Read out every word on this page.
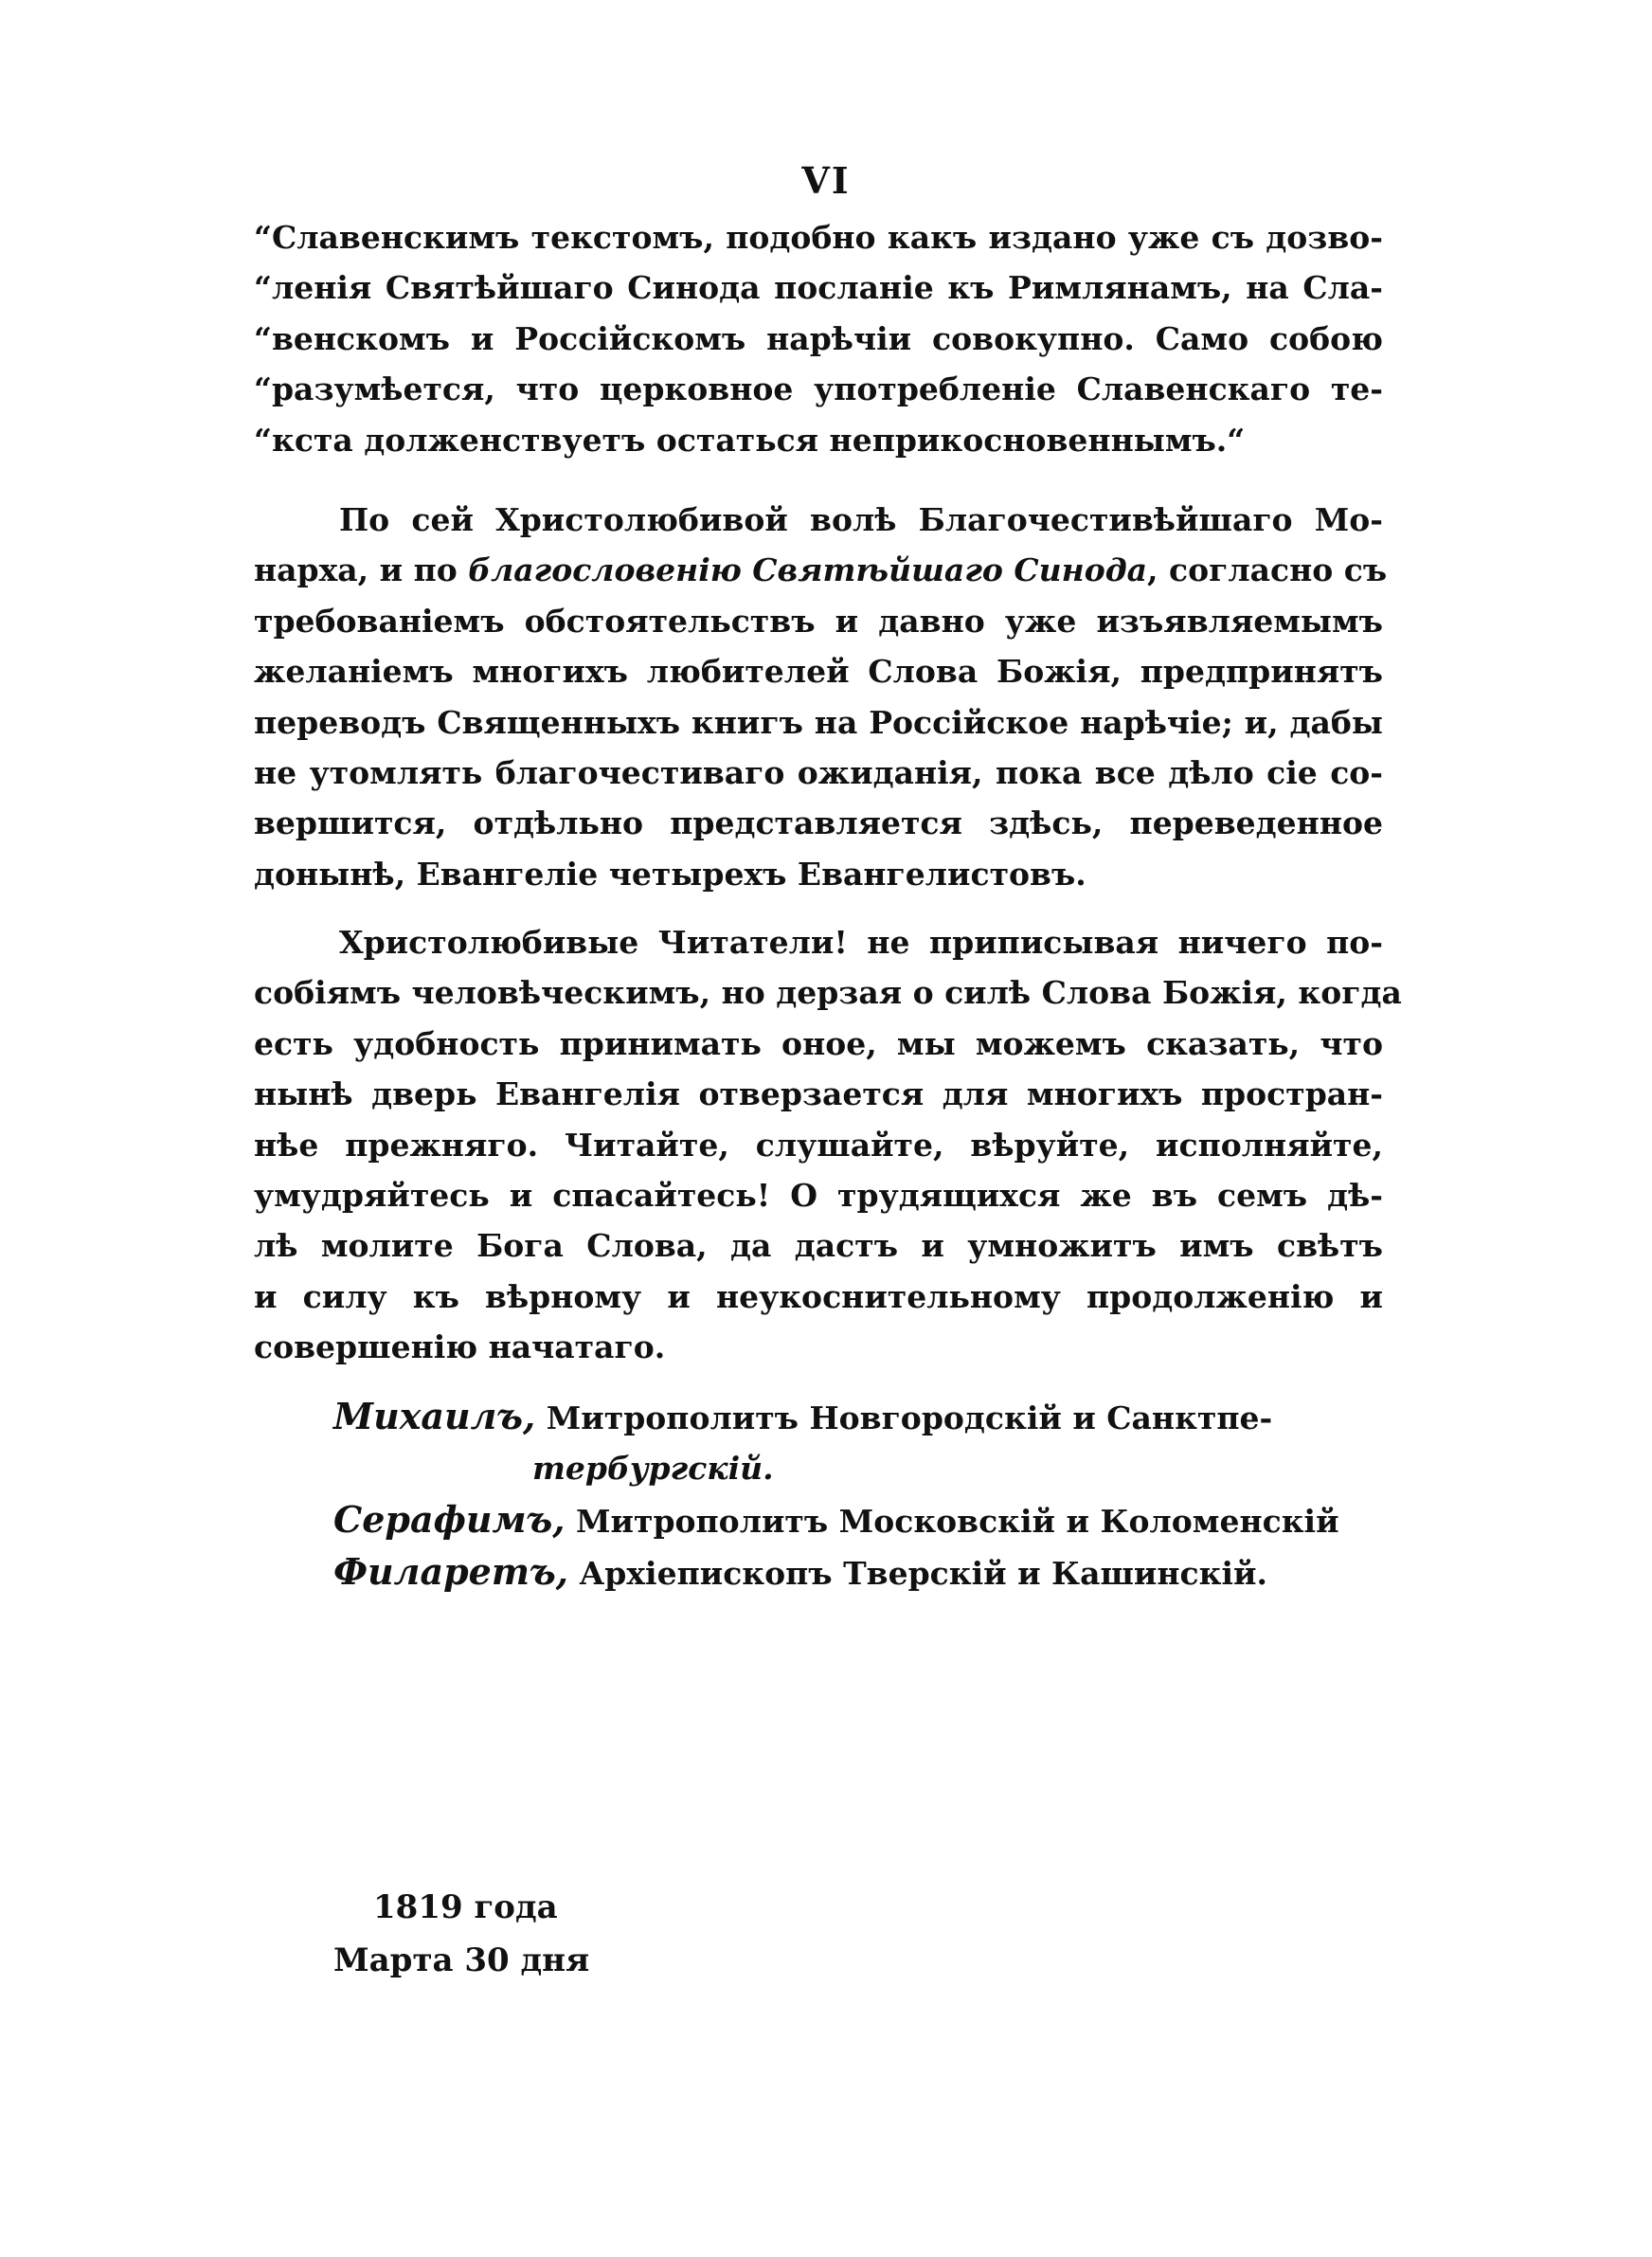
VI
“Славенскимъ текстомъ, подобно какъ издано уже съ дозво-
“ленія Святѣйшаго Синода посланіе къ Римлянамъ, на Сла-
“венскомъ и Россійскомъ нарѣчіи совокупно. Само собою
“разумѣется, что церковное употребленіе Славенскаго те-
“кста долженствуетъ остаться неприкосновеннымъ.“
По сей Христолюбивой волѣ Благочестивѣйшаго Мо-
нарха, и по благословенію Святѣйшаго Синода, согласно съ
требованіемъ обстоятельствъ и давно уже изъявляемымъ
желаніемъ многихъ любителей Слова Божія, предпринятъ
переводъ Священныхъ книгъ на Россійское нарѣчіе; и, дабы
не утомлять благочестиваго ожиданія, пока все дѣло сіе со-
вершится, отдѣльно представляется здѣсь, переведенное
донынѣ, Евангеліе четырехъ Евангелистовъ.
Христолюбивые Читатели! не приписывая ничего по-
собіямъ человѣческимъ, но дерзая о силѣ Слова Божія, когда
есть удобность принимать оное, мы можемъ сказать, что
нынѣ дверь Евангелія отверзается для многихъ простран-
нѣе прежняго. Читайте, слушайте, вѣруйте, исполняйте,
умудряйтесь и спасайтесь! О трудящихся же въ семъ дѣ-
лѣ молите Бога Слова, да дастъ и умножитъ имъ свѣтъ
и силу къ вѣрному и неукоснительному продолженію и
совершенію начатаго.
Михаилъ, Митрополитъ Новгородскій и Санктпе-
тербургскій.
Серафимъ, Митрополитъ Московскій и Коломенскій
Филаретъ, Архіепископъ Тверскій и Кашинскій.
1819 года
Марта 30 дня
